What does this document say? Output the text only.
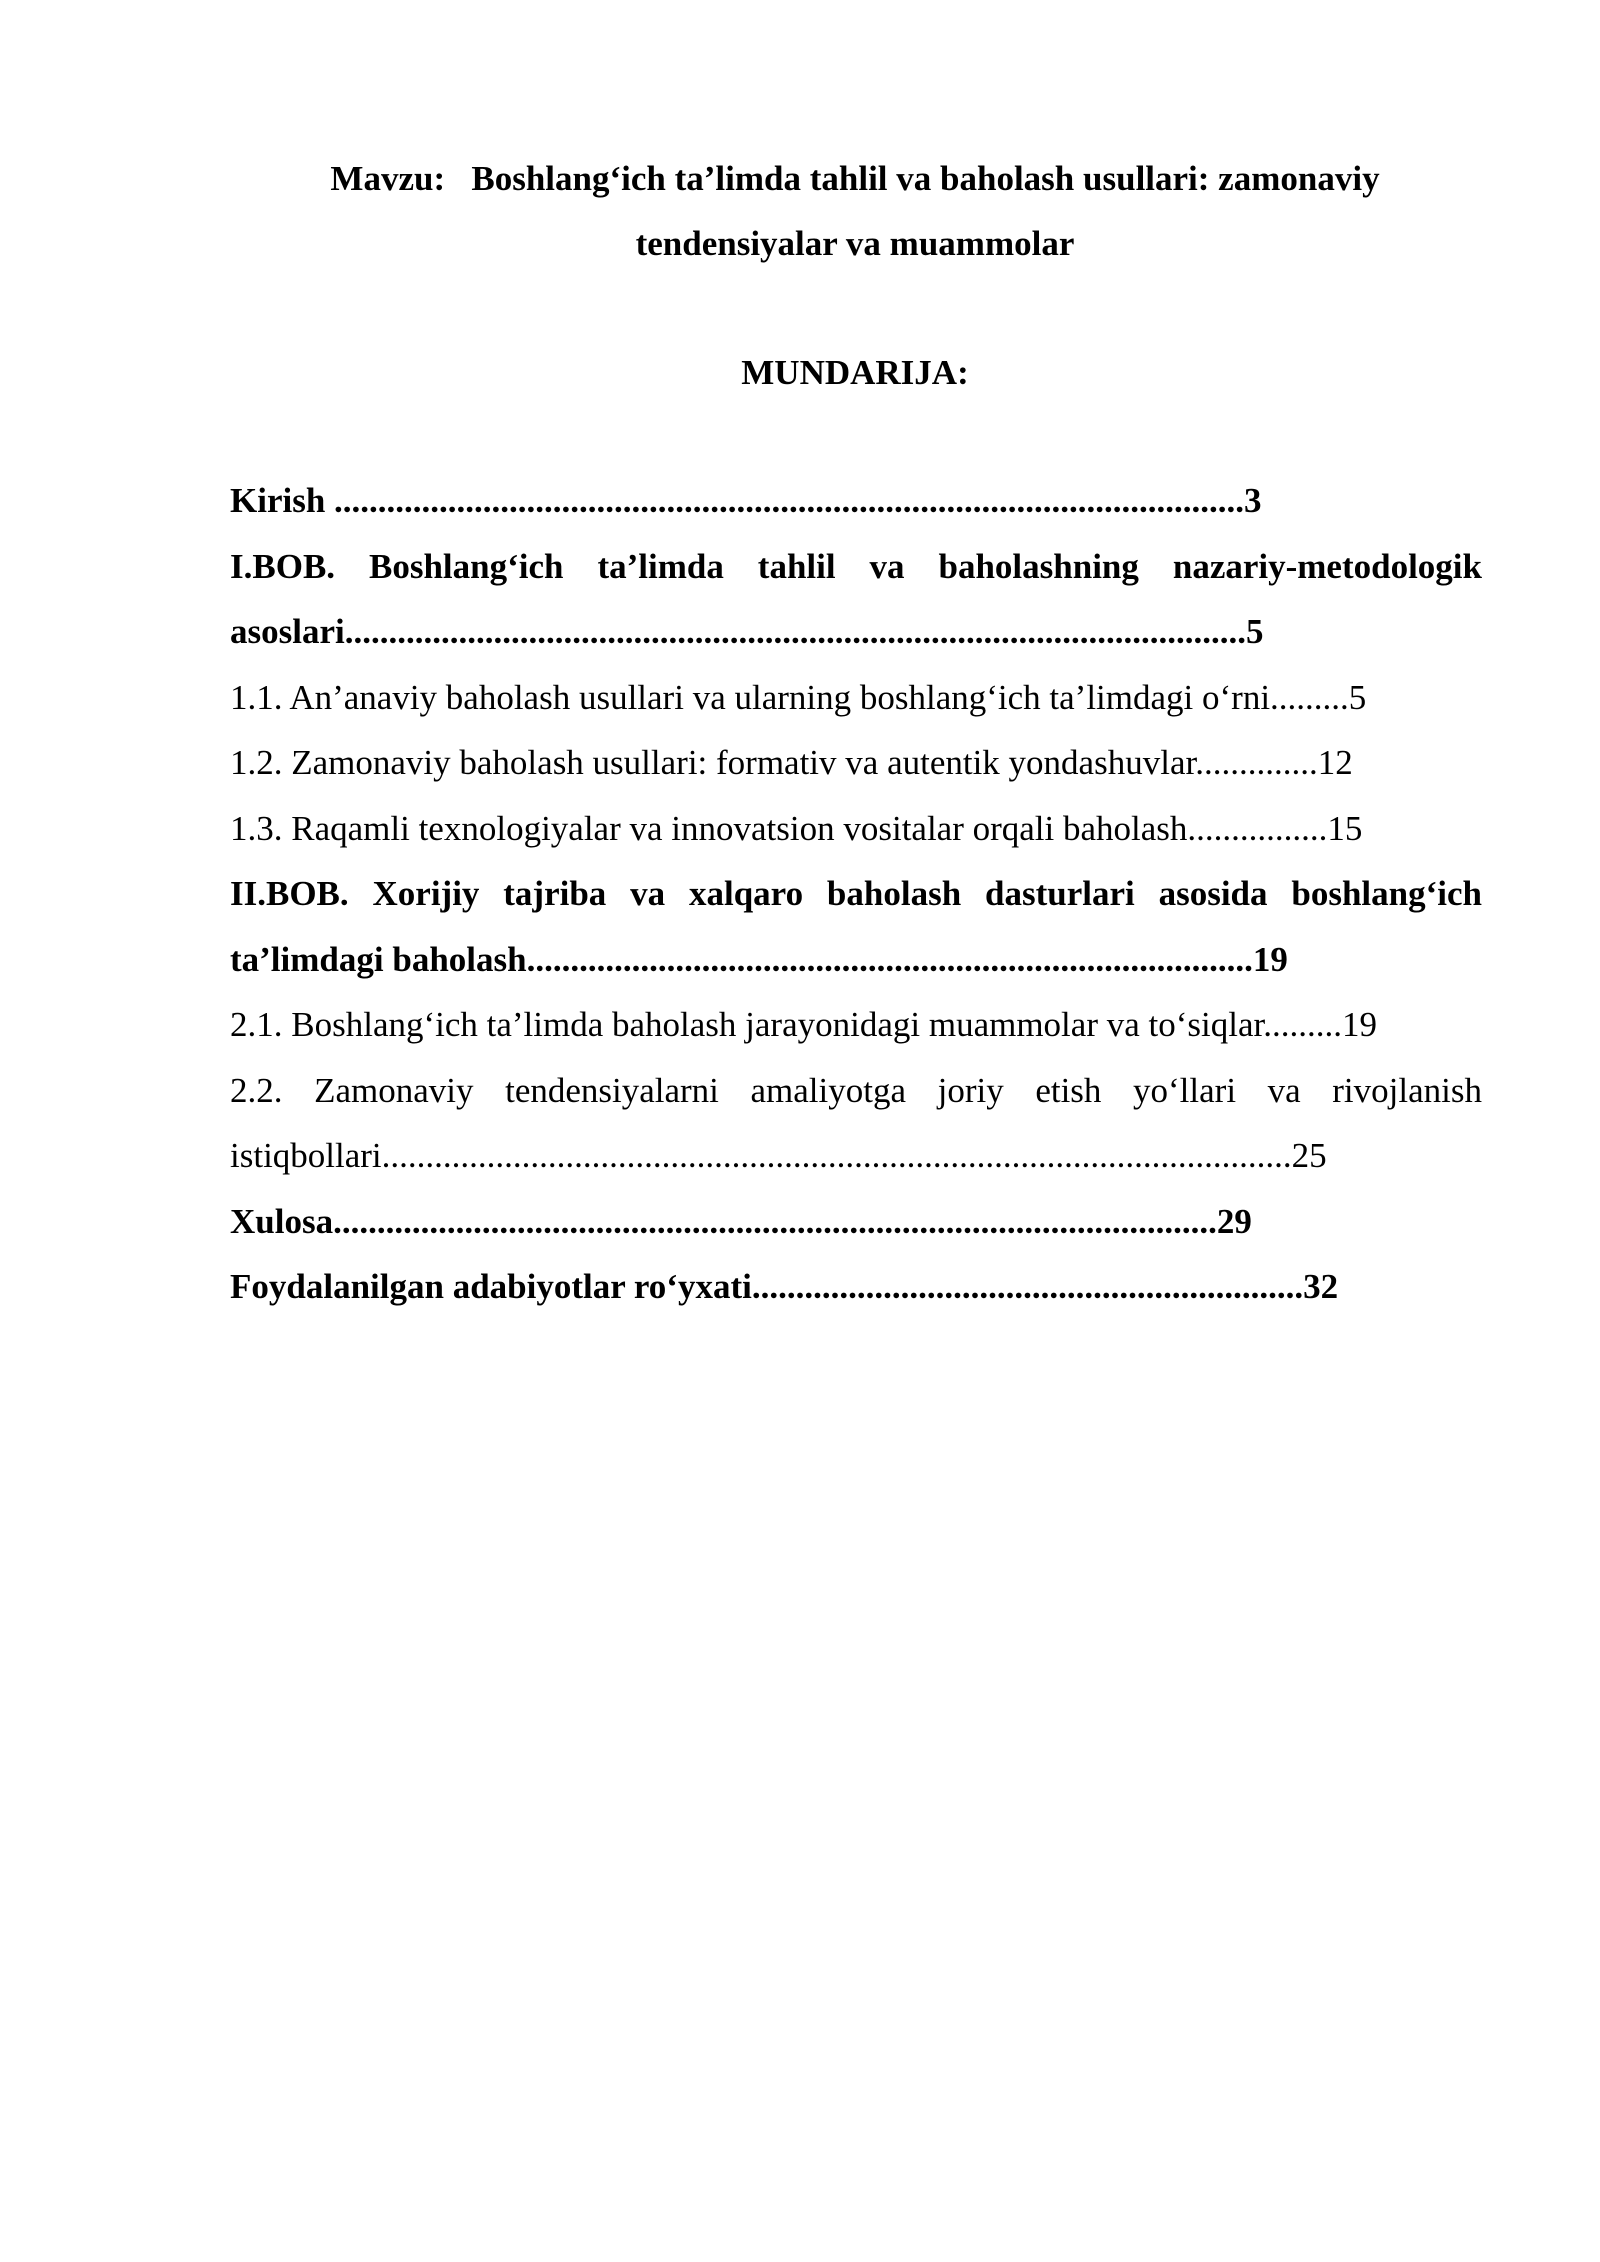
Mavzu: Boshlang‘ich ta’limda tahlil va baholash usullari: zamonaviy tendensiyalar va muammolar
MUNDARIJA:

Kirish ........................................................................................................3

I.BOB. Boshlang‘ich ta’limda tahlil va baholashning nazariy-metodologik asoslari.......................................................................................................5

1.1. An’anaviy baholash usullari va ularning boshlang‘ich ta’limdagi o‘rni.........5

1.2. Zamonaviy baholash usullari: formativ va autentik yondashuvlar..............12

1.3. Raqamli texnologiyalar va innovatsion vositalar orqali baholash................15

II.BOB. Xorijiy tajriba va xalqaro baholash dasturlari asosida boshlang‘ich ta’limdagi baholash...................................................................................19

2.1. Boshlang‘ich ta’limda baholash jarayonidagi muammolar va to‘siqlar.........19

2.2. Zamonaviy tendensiyalarni amaliyotga joriy etish yo‘llari va rivojlanish istiqbollari........................................................................................................25

Xulosa.....................................................................................................29

Foydalanilgan adabiyotlar ro‘yxati...............................................................32
